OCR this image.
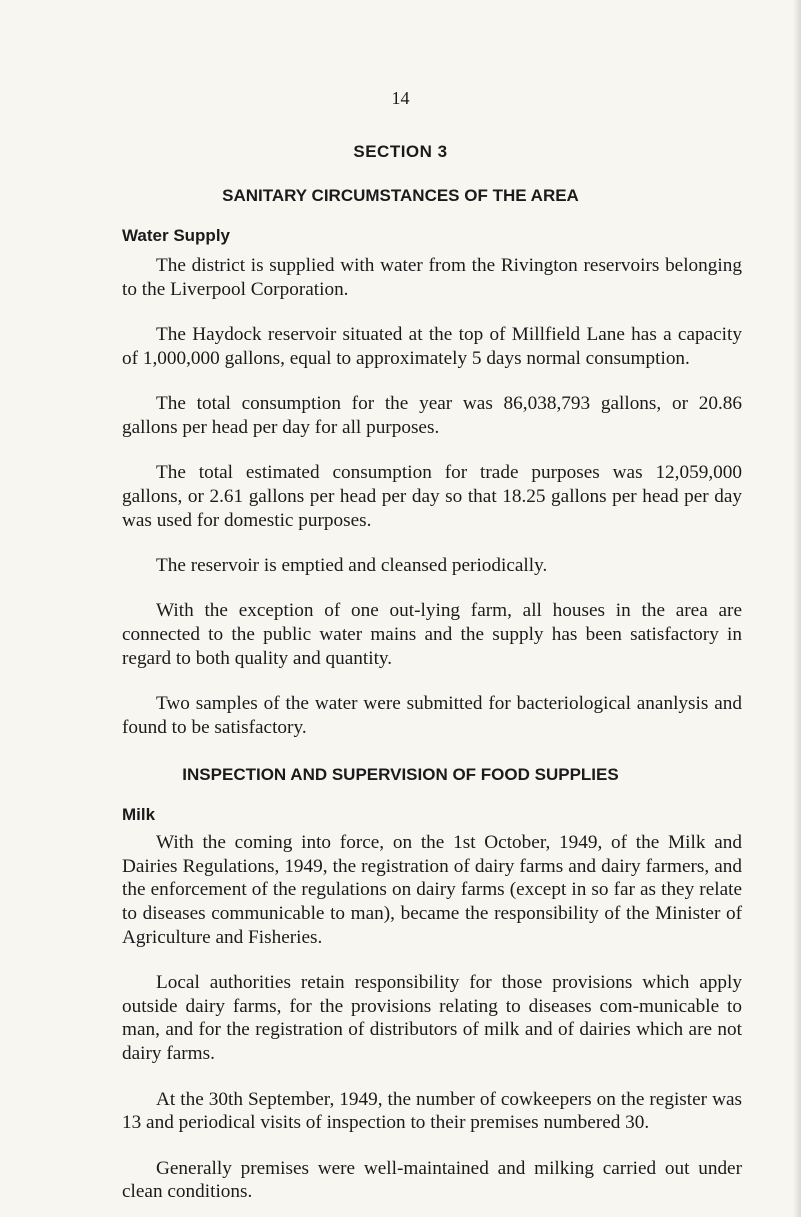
14
SECTION 3
SANITARY CIRCUMSTANCES OF THE AREA
Water Supply

The district is supplied with water from the Rivington reservoirs belonging to the Liverpool Corporation.

The Haydock reservoir situated at the top of Millfield Lane has a capacity of 1,000,000 gallons, equal to approximately 5 days normal consumption.

The total consumption for the year was 86,038,793 gallons, or 20.86 gallons per head per day for all purposes.

The total estimated consumption for trade purposes was 12,059,000 gallons, or 2.61 gallons per head per day so that 18.25 gallons per head per day was used for domestic purposes.

The reservoir is emptied and cleansed periodically.

With the exception of one out-lying farm, all houses in the area are connected to the public water mains and the supply has been satisfactory in regard to both quality and quantity.

Two samples of the water were submitted for bacteriological ananlysis and found to be satisfactory.

INSPECTION AND SUPERVISION OF FOOD SUPPLIES
Milk

With the coming into force, on the 1st October, 1949, of the Milk and Dairies Regulations, 1949, the registration of dairy farms and dairy farmers, and the enforcement of the regulations on dairy farms (except in so far as they relate to diseases communicable to man), became the responsibility of the Minister of Agriculture and Fisheries.

Local authorities retain responsibility for those provisions which apply outside dairy farms, for the provisions relating to diseases com-municable to man, and for the registration of distributors of milk and of dairies which are not dairy farms.

At the 30th September, 1949, the number of cowkeepers on the register was 13 and periodical visits of inspection to their premises numbered 30.

Generally premises were well-maintained and milking carried out under clean conditions.
